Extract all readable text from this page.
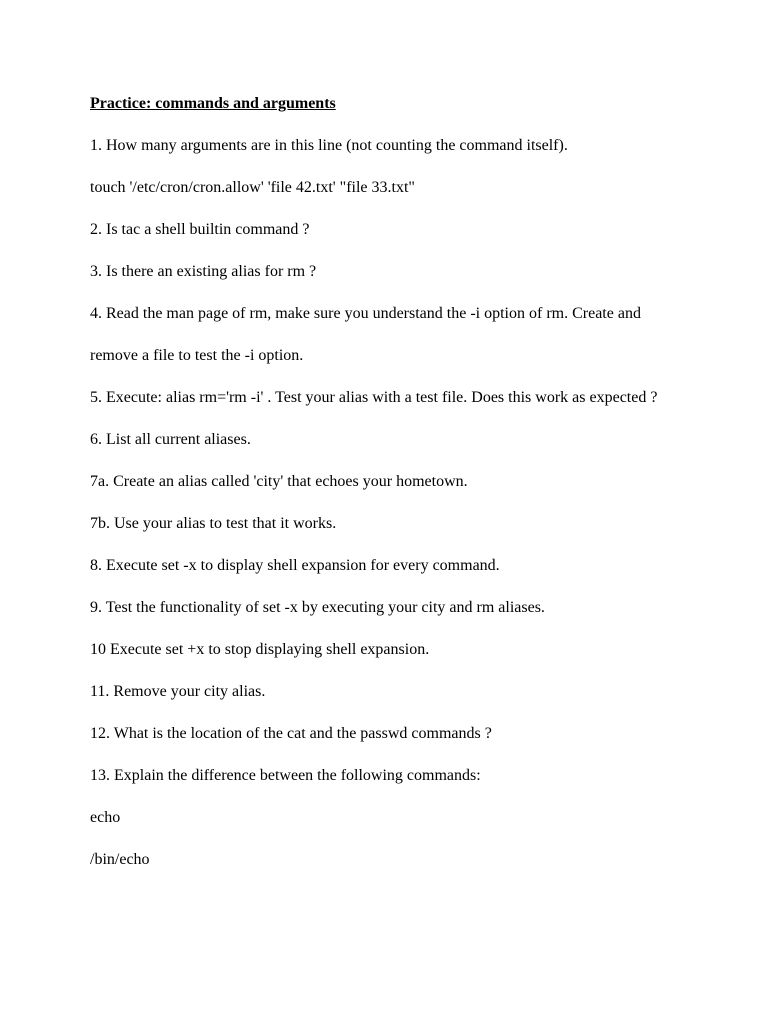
Practice: commands and arguments
1. How many arguments are in this line (not counting the command itself).
touch '/etc/cron/cron.allow' 'file 42.txt' "file 33.txt"
2. Is tac a shell builtin command ?
3. Is there an existing alias for rm ?
4. Read the man page of rm, make sure you understand the -i option of rm. Create and
remove a file to test the -i option.
5. Execute: alias rm='rm -i' . Test your alias with a test file. Does this work as expected ?
6. List all current aliases.
7a. Create an alias called 'city' that echoes your hometown.
7b. Use your alias to test that it works.
8. Execute set -x to display shell expansion for every command.
9. Test the functionality of set -x by executing your city and rm aliases.
10 Execute set +x to stop displaying shell expansion.
11. Remove your city alias.
12. What is the location of the cat and the passwd commands ?
13. Explain the difference between the following commands:
echo
/bin/echo
